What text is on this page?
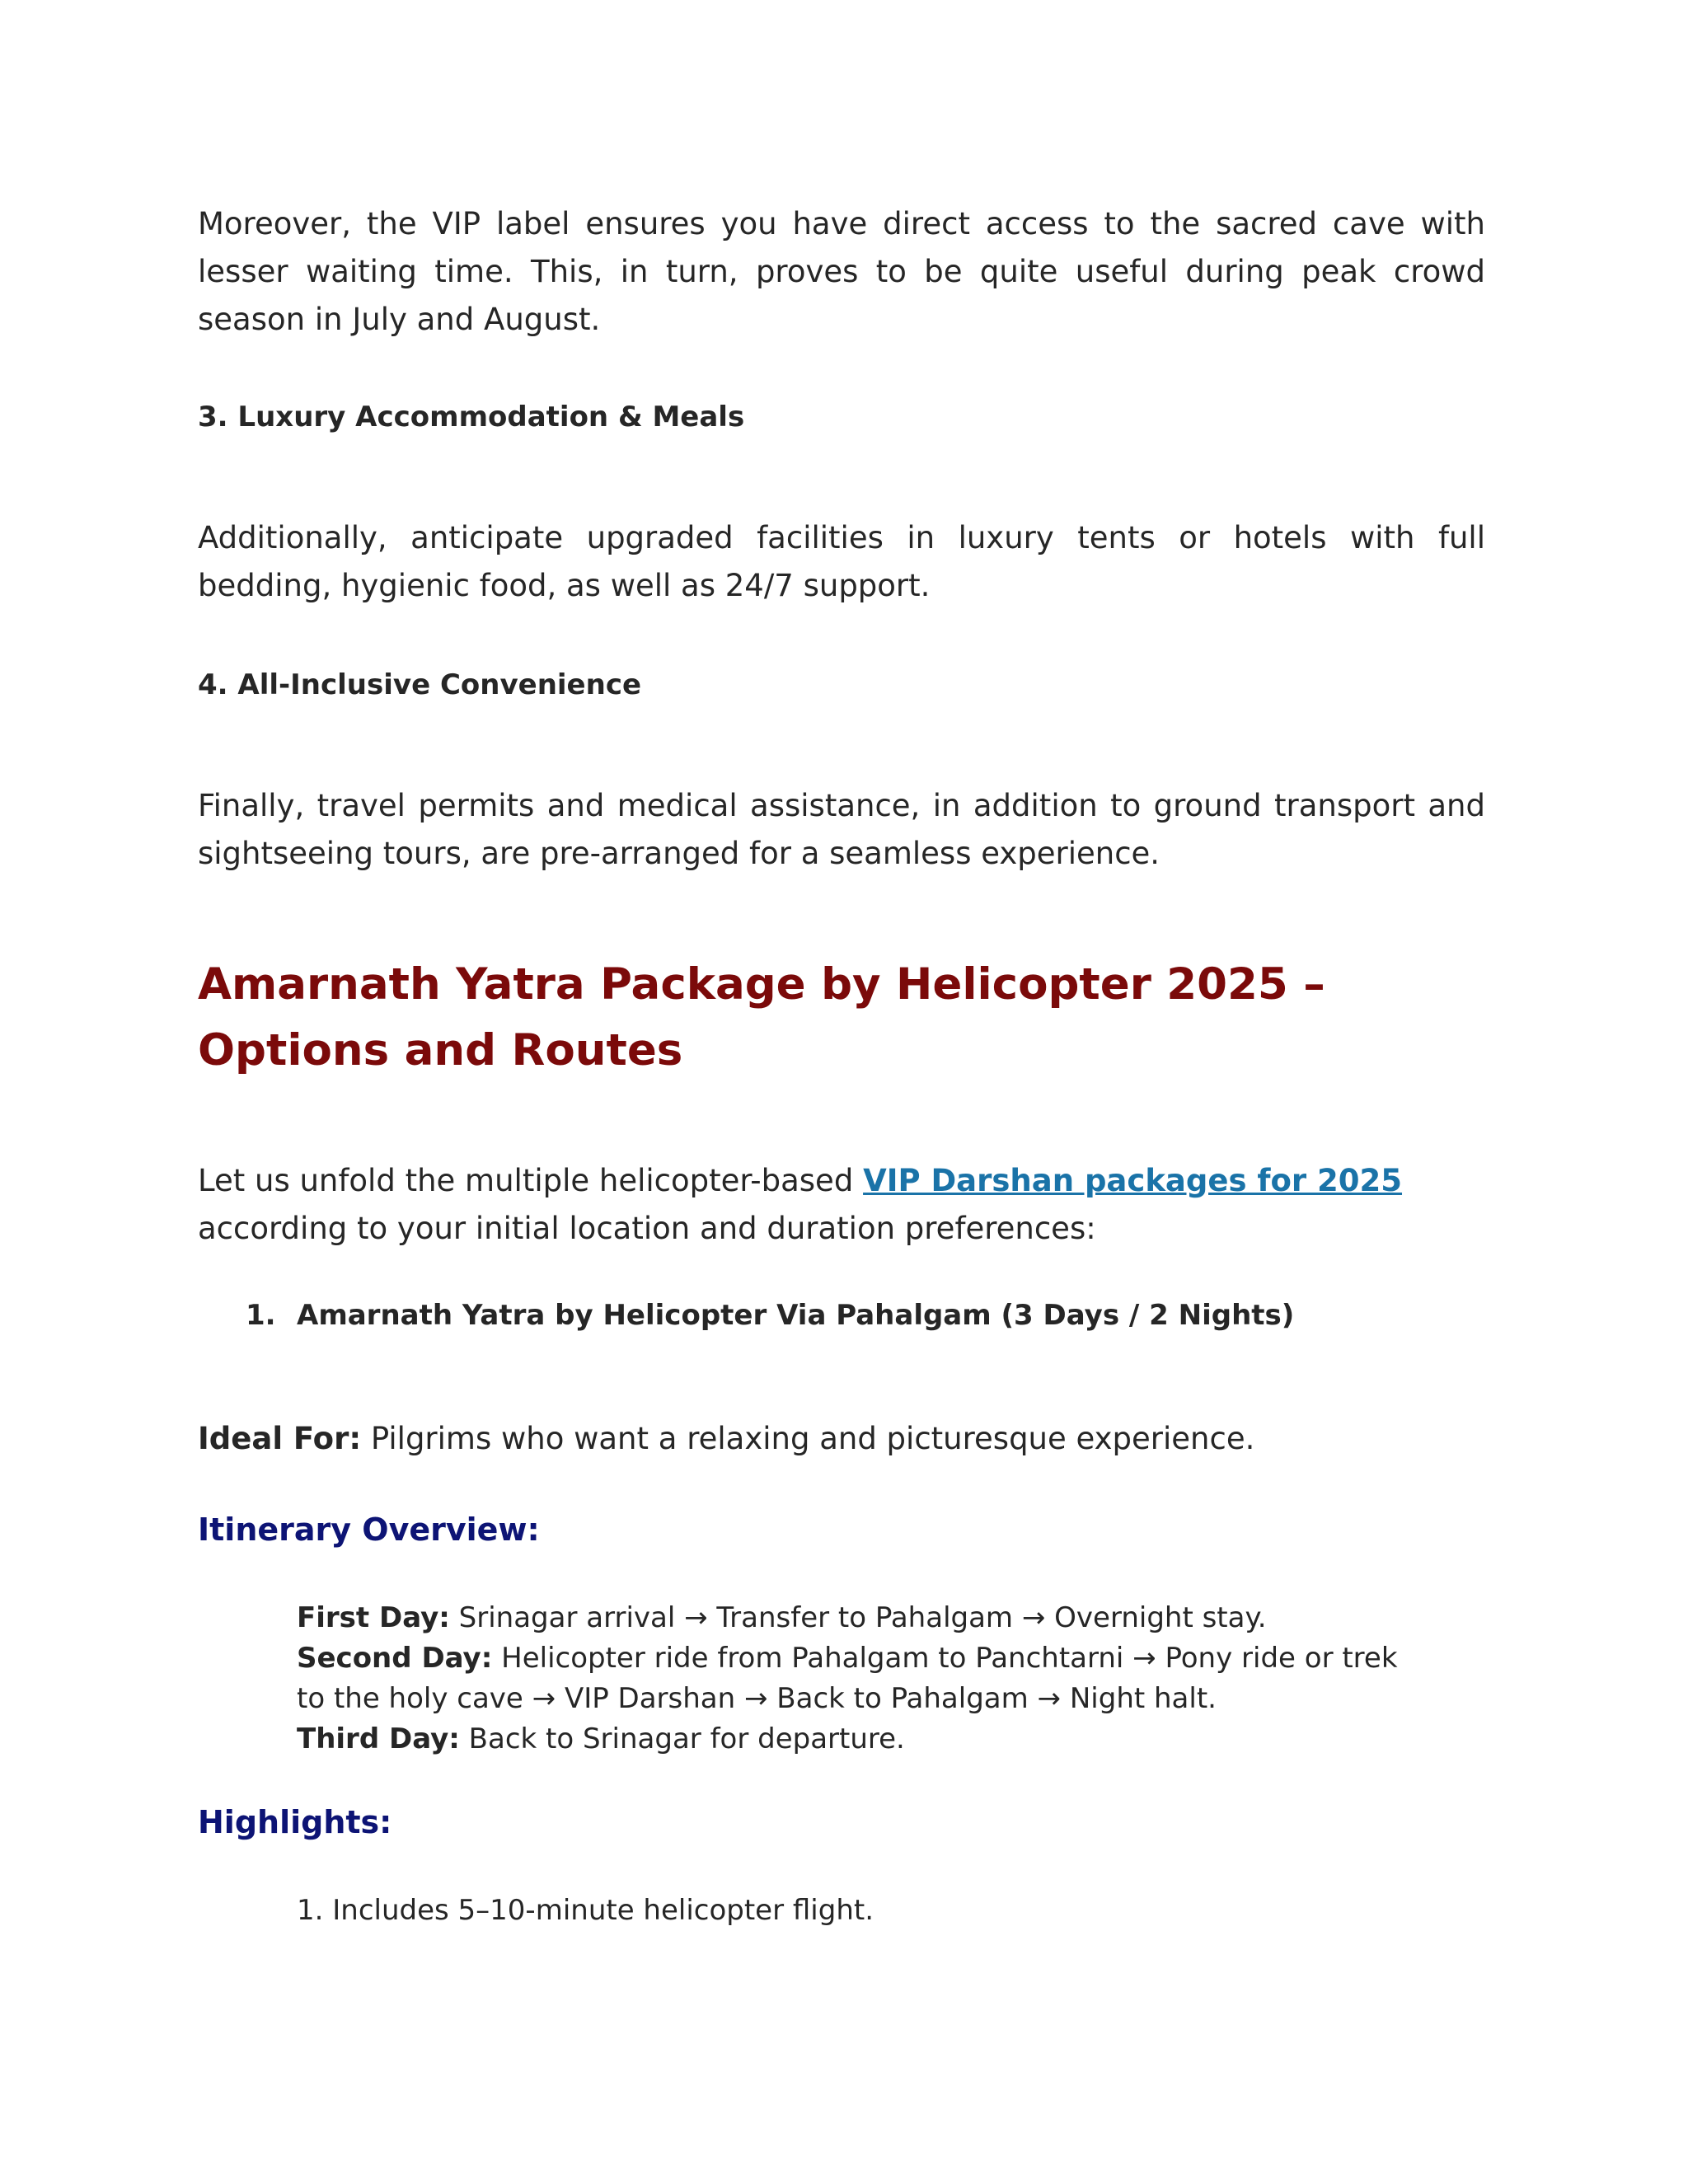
Moreover, the VIP label ensures you have direct access to the sacred cave with lesser waiting time. This, in turn, proves to be quite useful during peak crowd season in July and August.

3. Luxury Accommodation & Meals

Additionally, anticipate upgraded facilities in luxury tents or hotels with full bedding, hygienic food, as well as 24/7 support.

4. All-Inclusive Convenience

Finally, travel permits and medical assistance, in addition to ground transport and sightseeing tours, are pre-arranged for a seamless experience.

Amarnath Yatra Package by Helicopter 2025 – Options and Routes

Let us unfold the multiple helicopter-based VIP Darshan packages for 2025 according to your initial location and duration preferences:

1. Amarnath Yatra by Helicopter Via Pahalgam (3 Days / 2 Nights)

Ideal For: Pilgrims who want a relaxing and picturesque experience.

Itinerary Overview:

First Day: Srinagar arrival → Transfer to Pahalgam → Overnight stay.
Second Day: Helicopter ride from Pahalgam to Panchtarni → Pony ride or trek to the holy cave → VIP Darshan → Back to Pahalgam → Night halt.
Third Day: Back to Srinagar for departure.

Highlights:

1. Includes 5–10-minute helicopter flight.
